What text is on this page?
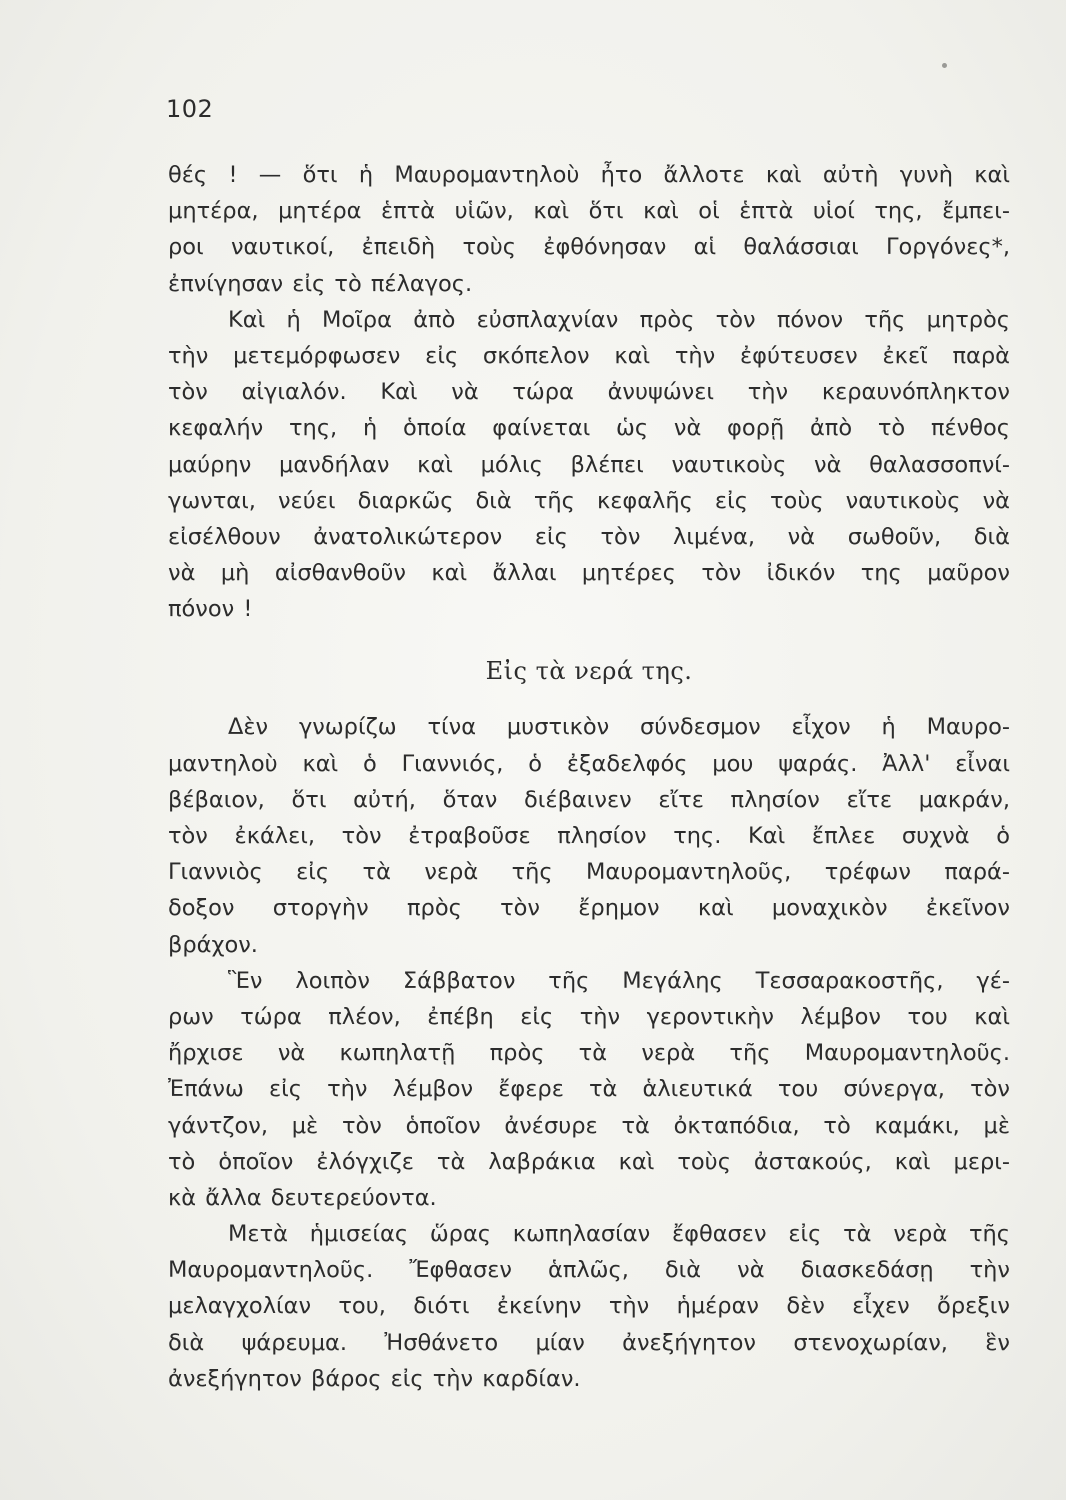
102
θές ! — ὅτι ἡ Μαυρομαντηλοὺ ἦτο ἄλλοτε καὶ αὐτὴ γυνὴ καὶ
μητέρα, μητέρα ἑπτὰ υἱῶν, καὶ ὅτι καὶ οἱ ἑπτὰ υἱοί της, ἔμπει-
ροι ναυτικοί, ἐπειδὴ τοὺς ἐφθόνησαν αἱ θαλάσσιαι Γοργόνες*,
ἐπνίγησαν εἰς τὸ πέλαγος.
Καὶ ἡ Μοῖρα ἀπὸ εὐσπλαχνίαν πρὸς τὸν πόνον τῆς μητρὸς
τὴν μετεμόρφωσεν εἰς σκόπελον καὶ τὴν ἐφύτευσεν ἐκεῖ παρὰ
τὸν αἰγιαλόν. Καὶ νὰ τώρα ἀνυψώνει τὴν κεραυνόπληκτον
κεφαλήν της, ἡ ὁποία φαίνεται ὡς νὰ φορῇ ἀπὸ τὸ πένθος
μαύρην μανδήλαν καὶ μόλις βλέπει ναυτικοὺς νὰ θαλασσοπνί-
γωνται, νεύει διαρκῶς διὰ τῆς κεφαλῆς εἰς τοὺς ναυτικοὺς νὰ
εἰσέλθουν ἀνατολικώτερον εἰς τὸν λιμένα, νὰ σωθοῦν, διὰ
νὰ μὴ αἰσθανθοῦν καὶ ἄλλαι μητέρες τὸν ἰδικόν της μαῦρον
πόνον !
Εἰς τὰ νερά της.
Δὲν γνωρίζω τίνα μυστικὸν σύνδεσμον εἶχον ἡ Μαυρο-
μαντηλοὺ καὶ ὁ Γιαννιός, ὁ ἐξαδελφός μου ψαράς. Ἀλλ' εἶναι
βέβαιον, ὅτι αὐτή, ὅταν διέβαινεν εἴτε πλησίον εἴτε μακράν,
τὸν ἐκάλει, τὸν ἐτραβοῦσε πλησίον της. Καὶ ἔπλεε συχνὰ ὁ
Γιαννιὸς εἰς τὰ νερὰ τῆς Μαυρομαντηλοῦς, τρέφων παρά-
δοξον στοργὴν πρὸς τὸν ἔρημον καὶ μοναχικὸν ἐκεῖνον
βράχον.
Ἓν λοιπὸν Σάββατον τῆς Μεγάλης Τεσσαρακοστῆς, γέ-
ρων τώρα πλέον, ἐπέβη εἰς τὴν γεροντικὴν λέμβον του καὶ
ἤρχισε νὰ κωπηλατῇ πρὸς τὰ νερὰ τῆς Μαυρομαντηλοῦς.
Ἐπάνω εἰς τὴν λέμβον ἔφερε τὰ ἁλιευτικά του σύνεργα, τὸν
γάντζον, μὲ τὸν ὁποῖον ἀνέσυρε τὰ ὀκταπόδια, τὸ καμάκι, μὲ
τὸ ὁποῖον ἐλόγχιζε τὰ λαβράκια καὶ τοὺς ἀστακούς, καὶ μερι-
κὰ ἄλλα δευτερεύοντα.
Μετὰ ἡμισείας ὥρας κωπηλασίαν ἔφθασεν εἰς τὰ νερὰ τῆς
Μαυρομαντηλοῦς. Ἔφθασεν ἁπλῶς, διὰ νὰ διασκεδάσῃ τὴν
μελαγχολίαν του, διότι ἐκείνην τὴν ἡμέραν δὲν εἶχεν ὄρεξιν
διὰ ψάρευμα. Ἠσθάνετο μίαν ἀνεξήγητον στενοχωρίαν, ἓν
ἀνεξήγητον βάρος εἰς τὴν καρδίαν.
